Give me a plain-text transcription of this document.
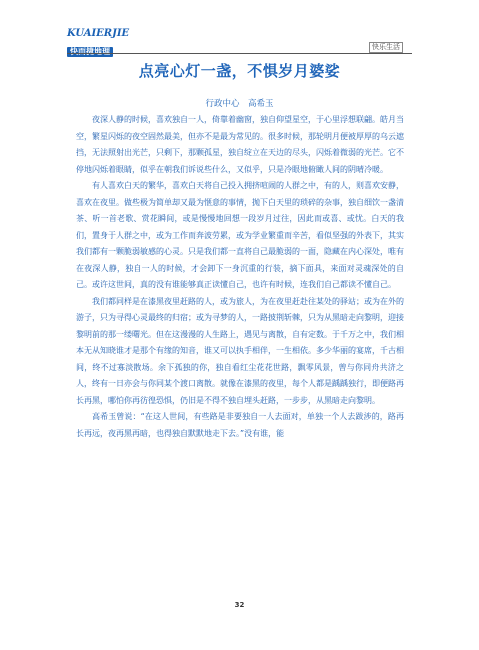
KUAIERJIE
快而捷地理	快乐生活
点亮心灯一盏，不惧岁月婆娑
行政中心　高希玉

夜深人静的时候，喜欢独自一人，倚靠着幽窗，独自仰望星空，于心里浮想联翩。皓月当空，繁星闪烁的夜空固然最美，但亦不是最为常见的。很多时候，那轮明月便被厚厚的乌云遮挡，无法照射出光芒，只剩下，那颗孤星，独自绽立在天边的尽头，闪烁着微弱的光芒。它不停地闪烁着眼睛，似乎在朝我们诉说些什么，又似乎，只是冷眼地俯瞰人间的阴晴冷暖。

有人喜欢白天的繁华，喜欢白天将自己投入拥挤喧闹的人群之中，有的人，则喜欢安静，喜欢在夜里。做些极为简单却又最为惬意的事情，抛下白天里的琐碎的杂事，独自细饮一盏清茶、听一首老歌、赏花瞬间，或是慢慢地回想一段岁月过往，因此而或喜、或忧。白天的我们，置身于人群之中，或为工作而奔波劳累，或为学业繁重而辛苦，看似坚强的外表下，其实我们都有一颗脆弱敏感的心灵。只是我们都一直将自己最脆弱的一面，隐藏在内心深处，唯有在夜深人静，独自一人的时候，才会卸下一身沉重的行装，摘下面具，来面对灵魂深处的自己。或许这世间，真的没有谁能够真正读懂自己，也许有时候，连我们自己都读不懂自己。

我们都同样是在漆黑夜里赶路的人，或为旅人，为在夜里赶赴往某处的驿站；或为在外的游子，只为寻得心灵最终的归宿；或为寻梦的人，一路披荆斩棘，只为从黑暗走向黎明，迎接黎明前的那一缕曙光。但在这漫漫的人生路上，遇见与离散，自有定数。于千万之中，我们相本无从知晓谁才是那个有缘的知音，谁又可以执手相伴，一生相依。多少华丽的宴席，千古相间，终不过寡淡散场。余下孤独的你，独自看红尘花花世路，飘零风景，曾与你同舟共济之人，终有一日亦会与你同某个渡口离散。就像在漆黑的夜里，每个人都是踽踽独行，即便路再长再黑，哪怕你再彷徨恐惧，仍旧是不得不独自埋头赶路，一步步，从黑暗走向黎明。

高希玉曾说：“在这人世间，有些路是非要独自一人去面对，单独一个人去跋涉的，路再长再远，夜再黑再暗，也得独自默默地走下去。”没有谁，能

32
